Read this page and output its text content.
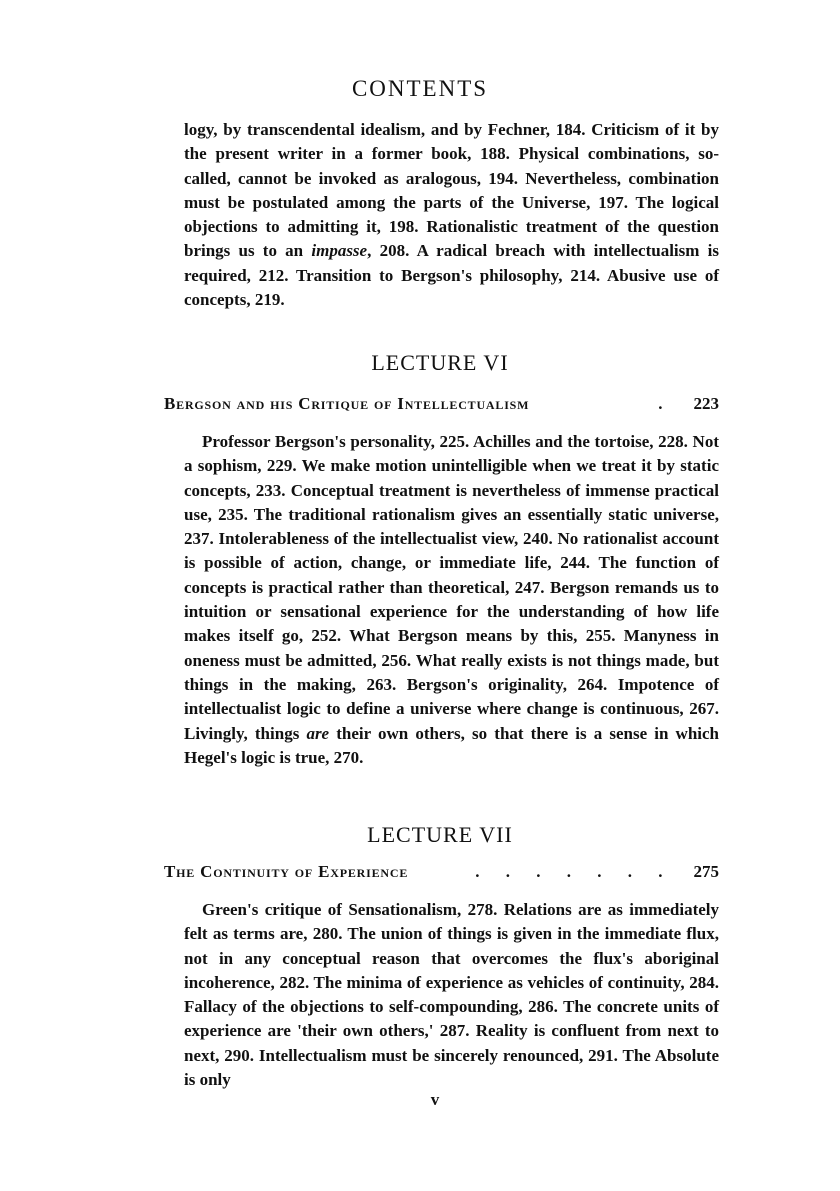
CONTENTS

logy, by transcendental idealism, and by Fechner, 184. Criticism of it by the present writer in a former book, 188. Physical combinations, so-called, cannot be invoked as aralogous, 194. Nevertheless, combination must be postulated among the parts of the Universe, 197. The logical objections to admitting it, 198. Rationalistic treatment of the question brings us to an impasse, 208. A radical breach with intellectualism is required, 212. Transition to Bergson's philosophy, 214. Abusive use of concepts, 219.

LECTURE VI
Bergson and his Critique of Intellectualism	.	223

Professor Bergson's personality, 225. Achilles and the tortoise, 228. Not a sophism, 229. We make motion unintelligible when we treat it by static concepts, 233. Conceptual treatment is nevertheless of immense practical use, 235. The traditional rationalism gives an essentially static universe, 237. Intolerableness of the intellectualist view, 240. No rationalist account is possible of action, change, or immediate life, 244. The function of concepts is practical rather than theoretical, 247. Bergson remands us to intuition or sensational experience for the understanding of how life makes itself go, 252. What Bergson means by this, 255. Manyness in oneness must be admitted, 256. What really exists is not things made, but things in the making, 263. Bergson's originality, 264. Impotence of intellectualist logic to define a universe where change is continuous, 267. Livingly, things are their own others, so that there is a sense in which Hegel's logic is true, 270.

LECTURE VII
The Continuity of Experience	. . . . . . .	275

Green's critique of Sensationalism, 278. Relations are as immediately felt as terms are, 280. The union of things is given in the immediate flux, not in any conceptual reason that overcomes the flux's aboriginal incoherence, 282. The minima of experience as vehicles of continuity, 284. Fallacy of the objections to self-compounding, 286. The concrete units of experience are 'their own others,' 287. Reality is confluent from next to next, 290. Intellectualism must be sincerely renounced, 291. The Absolute is only

v
